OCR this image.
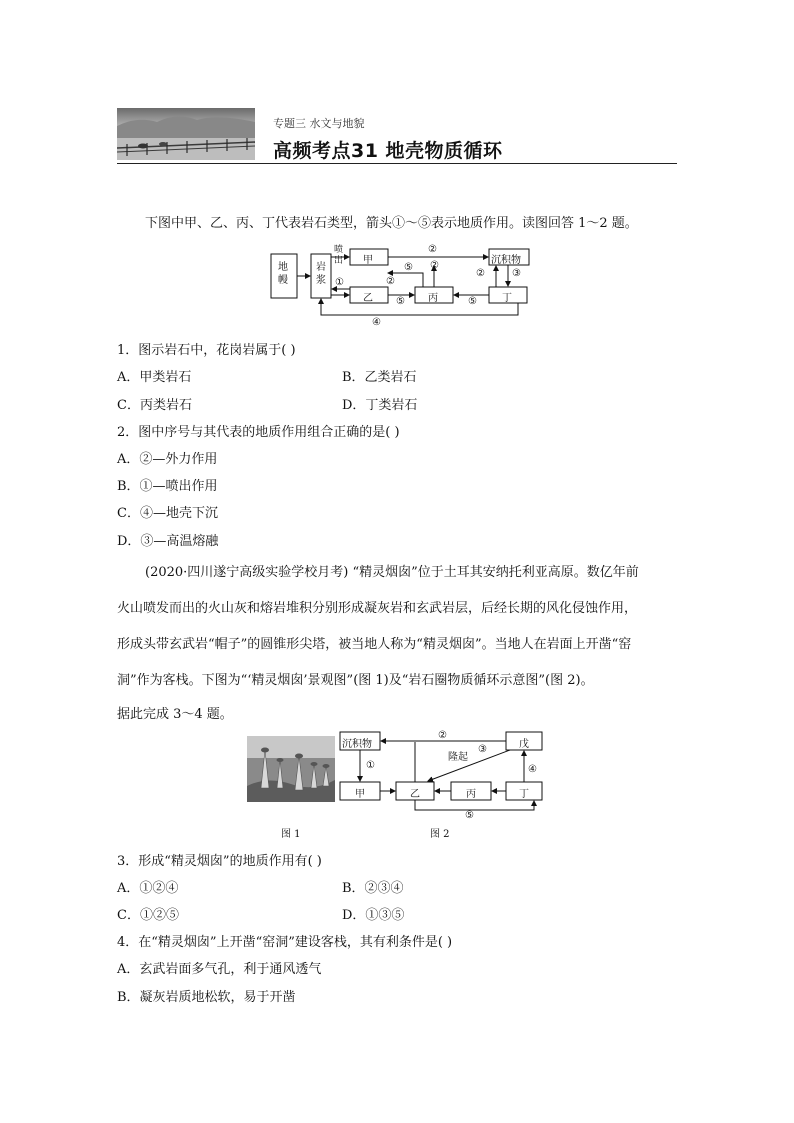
专题三 水文与地貌
高频考点31 地壳物质循环
下图中甲、乙、丙、丁代表岩石类型，箭头①～⑤表示地质作用。读图回答 1～2 题。
地幔
岩浆
喷出 甲
乙	丙	丁
沉积物
①
②
②
②
②	③
④
⑤
⑤	⑤
1．图示岩石中，花岗岩属于( )
A．甲类岩石	B．乙类岩石
C．丙类岩石	D．丁类岩石
2．图中序号与其代表的地质作用组合正确的是( )
A．②—外力作用
B．①—喷出作用
C．④—地壳下沉
D．③—高温熔融
(2020·四川遂宁高级实验学校月考) “精灵烟囱”位于土耳其安纳托利亚高原。数亿年前
火山喷发而出的火山灰和熔岩堆积分别形成凝灰岩和玄武岩层，后经长期的风化侵蚀作用，
形成头带玄武岩“帽子”的圆锥形尖塔，被当地人称为“精灵烟囱”。当地人在岩面上开凿“窑
洞”作为客栈。下图为“‘精灵烟囱’景观图”(图 1)及“岩石圈物质循环示意图”(图 2)。
据此完成 3～4 题。
沉积物	戊
甲	乙	丙	丁
隆起
①
②
③
④
⑤
图 1	图 2
3．形成“精灵烟囱”的地质作用有( )
A．①②④	B．②③④
C．①②⑤	D．①③⑤
4．在“精灵烟囱”上开凿“窑洞”建设客栈，其有利条件是( )
A．玄武岩面多气孔，利于通风透气
B．凝灰岩质地松软，易于开凿
